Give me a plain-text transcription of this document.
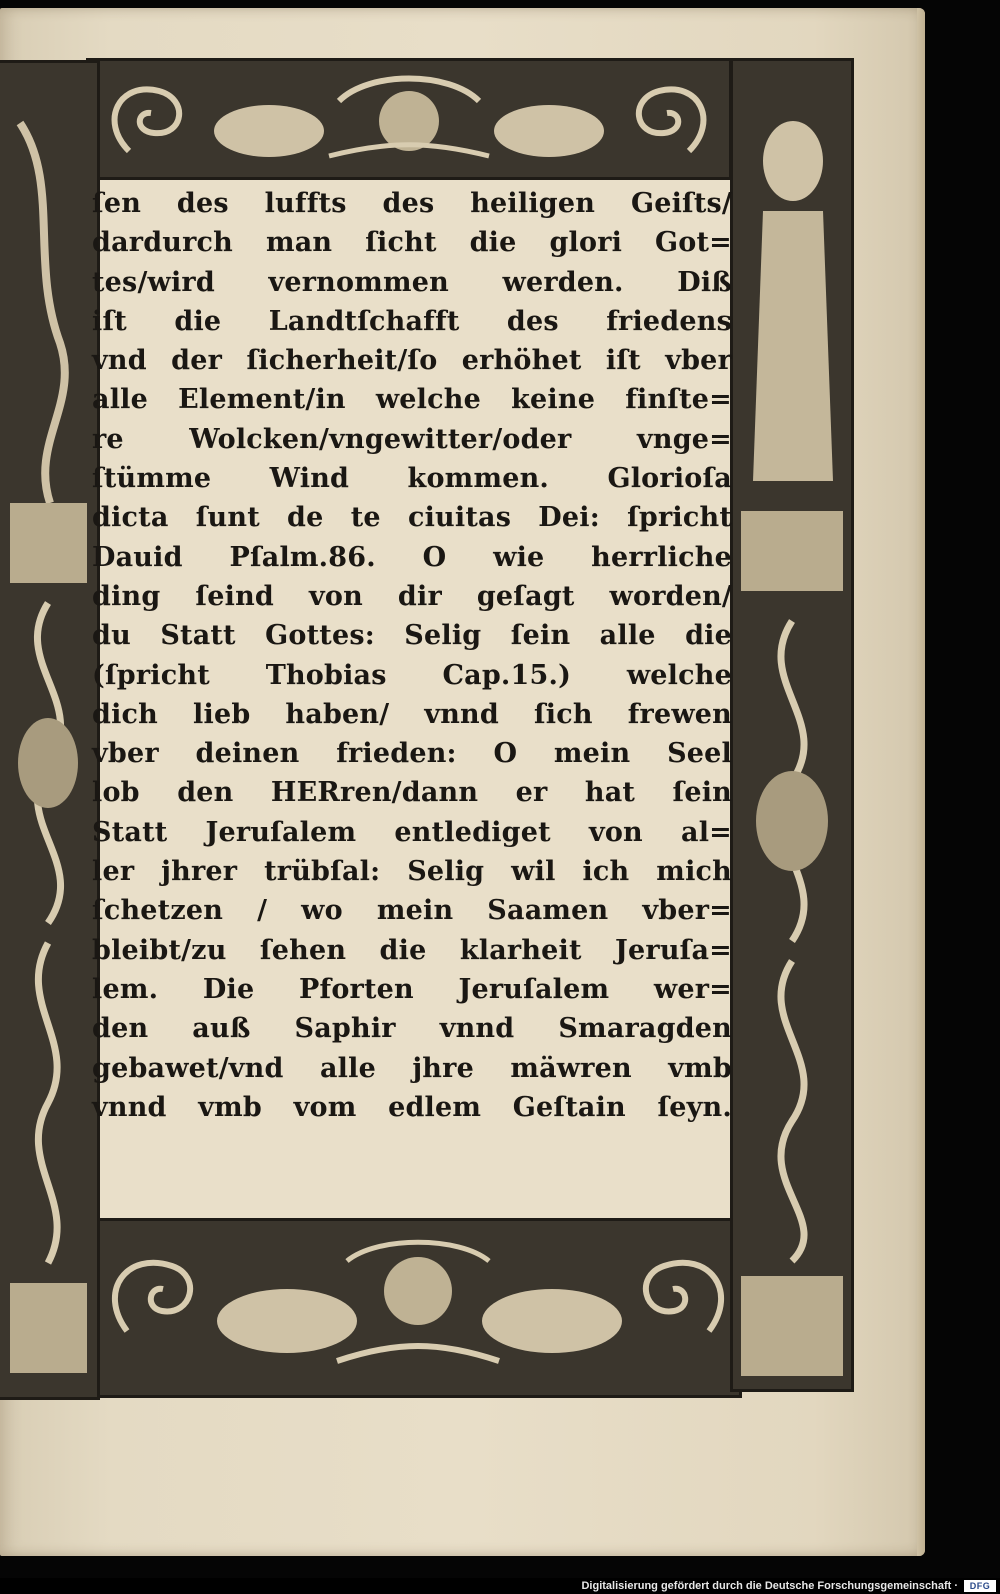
ſen des luffts des heiligen Geiſts/
dardurch man ſicht die glori Got=
tes/wird vernommen werden. Diß
iſt die Landtſchafft des friedens
vnd der ſicherheit/ſo erhöhet iſt vber
alle Element/in welche keine finſte=
re Wolcken/vngewitter/oder vnge=
ſtümme Wind kommen. Glorioſa
dicta ſunt de te ciuitas Dei: ſpricht
Dauid Pſalm.86. O wie herrliche
ding ſeind von dir geſagt worden/
du Statt Gottes: Selig ſein alle die
(ſpricht Thobias Cap.15.) welche
dich lieb haben/ vnnd ſich frewen
vber deinen frieden: O mein Seel
lob den HERren/dann er hat ſein
Statt Jeruſalem entlediget von al=
ler jhrer trübſal: Selig wil ich mich
ſchetzen / wo mein Saamen vber=
bleibt/zu ſehen die klarheit Jeruſa=
lem. Die Pforten Jeruſalem wer=
den auß Saphir vnnd Smaragden
gebawet/vnd alle jhre mäwren vmb
vnnd vmb vom edlem Geſtain ſeyn.
Digitalisierung gefördert durch die Deutsche Forschungsgemeinschaft ·	DFG
